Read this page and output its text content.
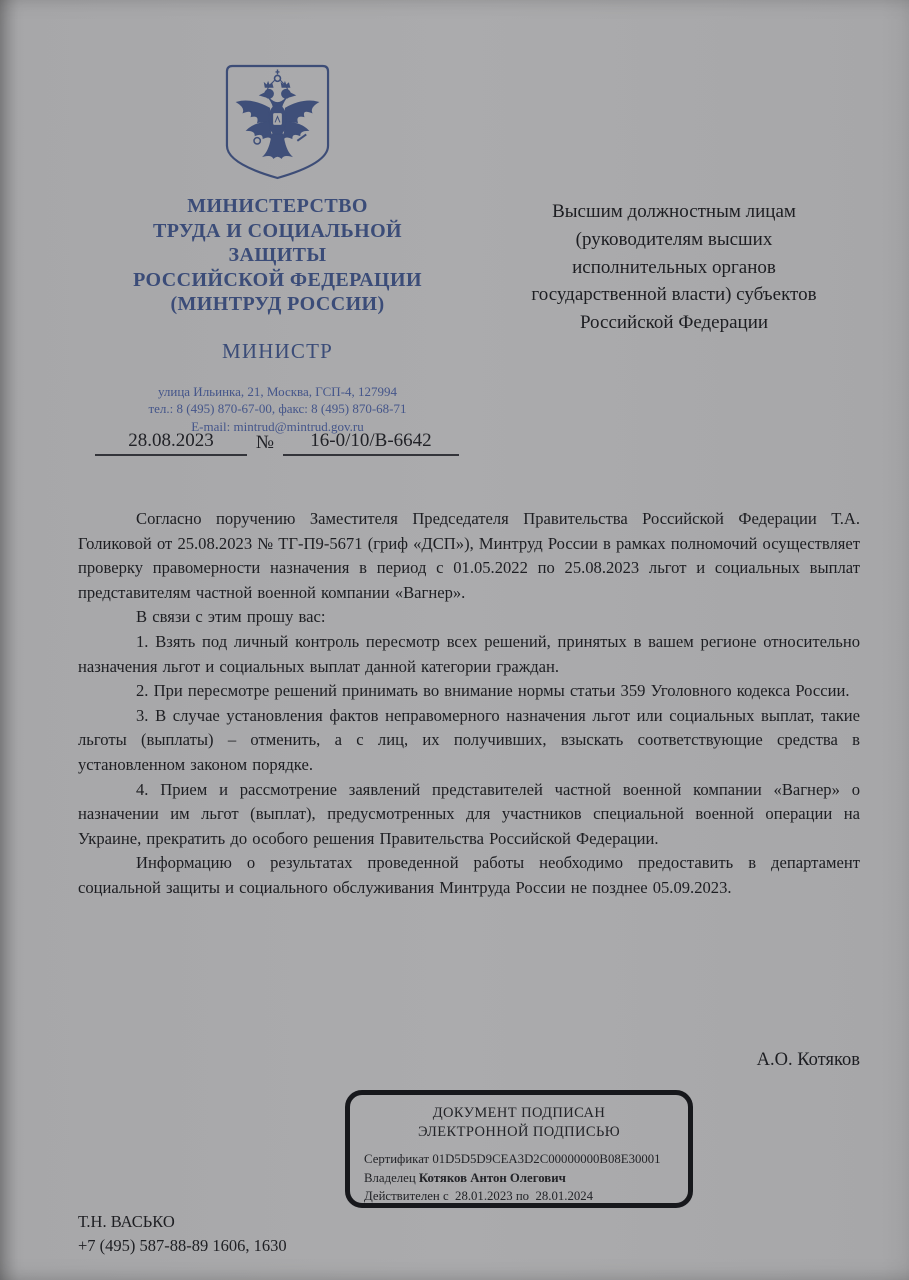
МИНИСТЕРСТВО
ТРУДА И СОЦИАЛЬНОЙ
ЗАЩИТЫ
РОССИЙСКОЙ ФЕДЕРАЦИИ
(МИНТРУД РОССИИ)
МИНИСТР
улица Ильинка, 21, Москва, ГСП-4, 127994
тел.: 8 (495) 870-67-00, факс: 8 (495) 870-68-71
E-mail: mintrud@mintrud.gov.ru
28.08.2023	№	16-0/10/В-6642
Высшим должностным лицам
(руководителям высших
исполнительных органов
государственной власти) субъектов
Российской Федерации

Согласно поручению Заместителя Председателя Правительства Российской Федерации Т.А. Голиковой от 25.08.2023 № ТГ-П9-5671 (гриф «ДСП»), Минтруд России в рамках полномочий осуществляет проверку правомерности назначения в период с 01.05.2022 по 25.08.2023 льгот и социальных выплат представителям частной военной компании «Вагнер».

В связи с этим прошу вас:

1. Взять под личный контроль пересмотр всех решений, принятых в вашем регионе относительно назначения льгот и социальных выплат данной категории граждан.

2. При пересмотре решений принимать во внимание нормы статьи 359 Уголовного кодекса России.

3. В случае установления фактов неправомерного назначения льгот или социальных выплат, такие льготы (выплаты) – отменить, а с лиц, их получивших, взыскать соответствующие средства в установленном законом порядке.

4. Прием и рассмотрение заявлений представителей частной военной компании «Вагнер» о назначении им льгот (выплат), предусмотренных для участников специальной военной операции на Украине, прекратить до особого решения Правительства Российской Федерации.

Информацию о результатах проведенной работы необходимо предоставить в департамент социальной защиты и социального обслуживания Минтруда России не позднее 05.09.2023.

А.О. Котяков
ДОКУМЕНТ ПОДПИСАН
ЭЛЕКТРОННОЙ ПОДПИСЬЮ
Сертификат 01D5D5D9CEA3D2C00000000B08E30001
Владелец Котяков Антон Олегович
Действителен с  28.01.2023 по  28.01.2024
Т.Н. ВАСЬКО
+7 (495) 587-88-89 1606, 1630
